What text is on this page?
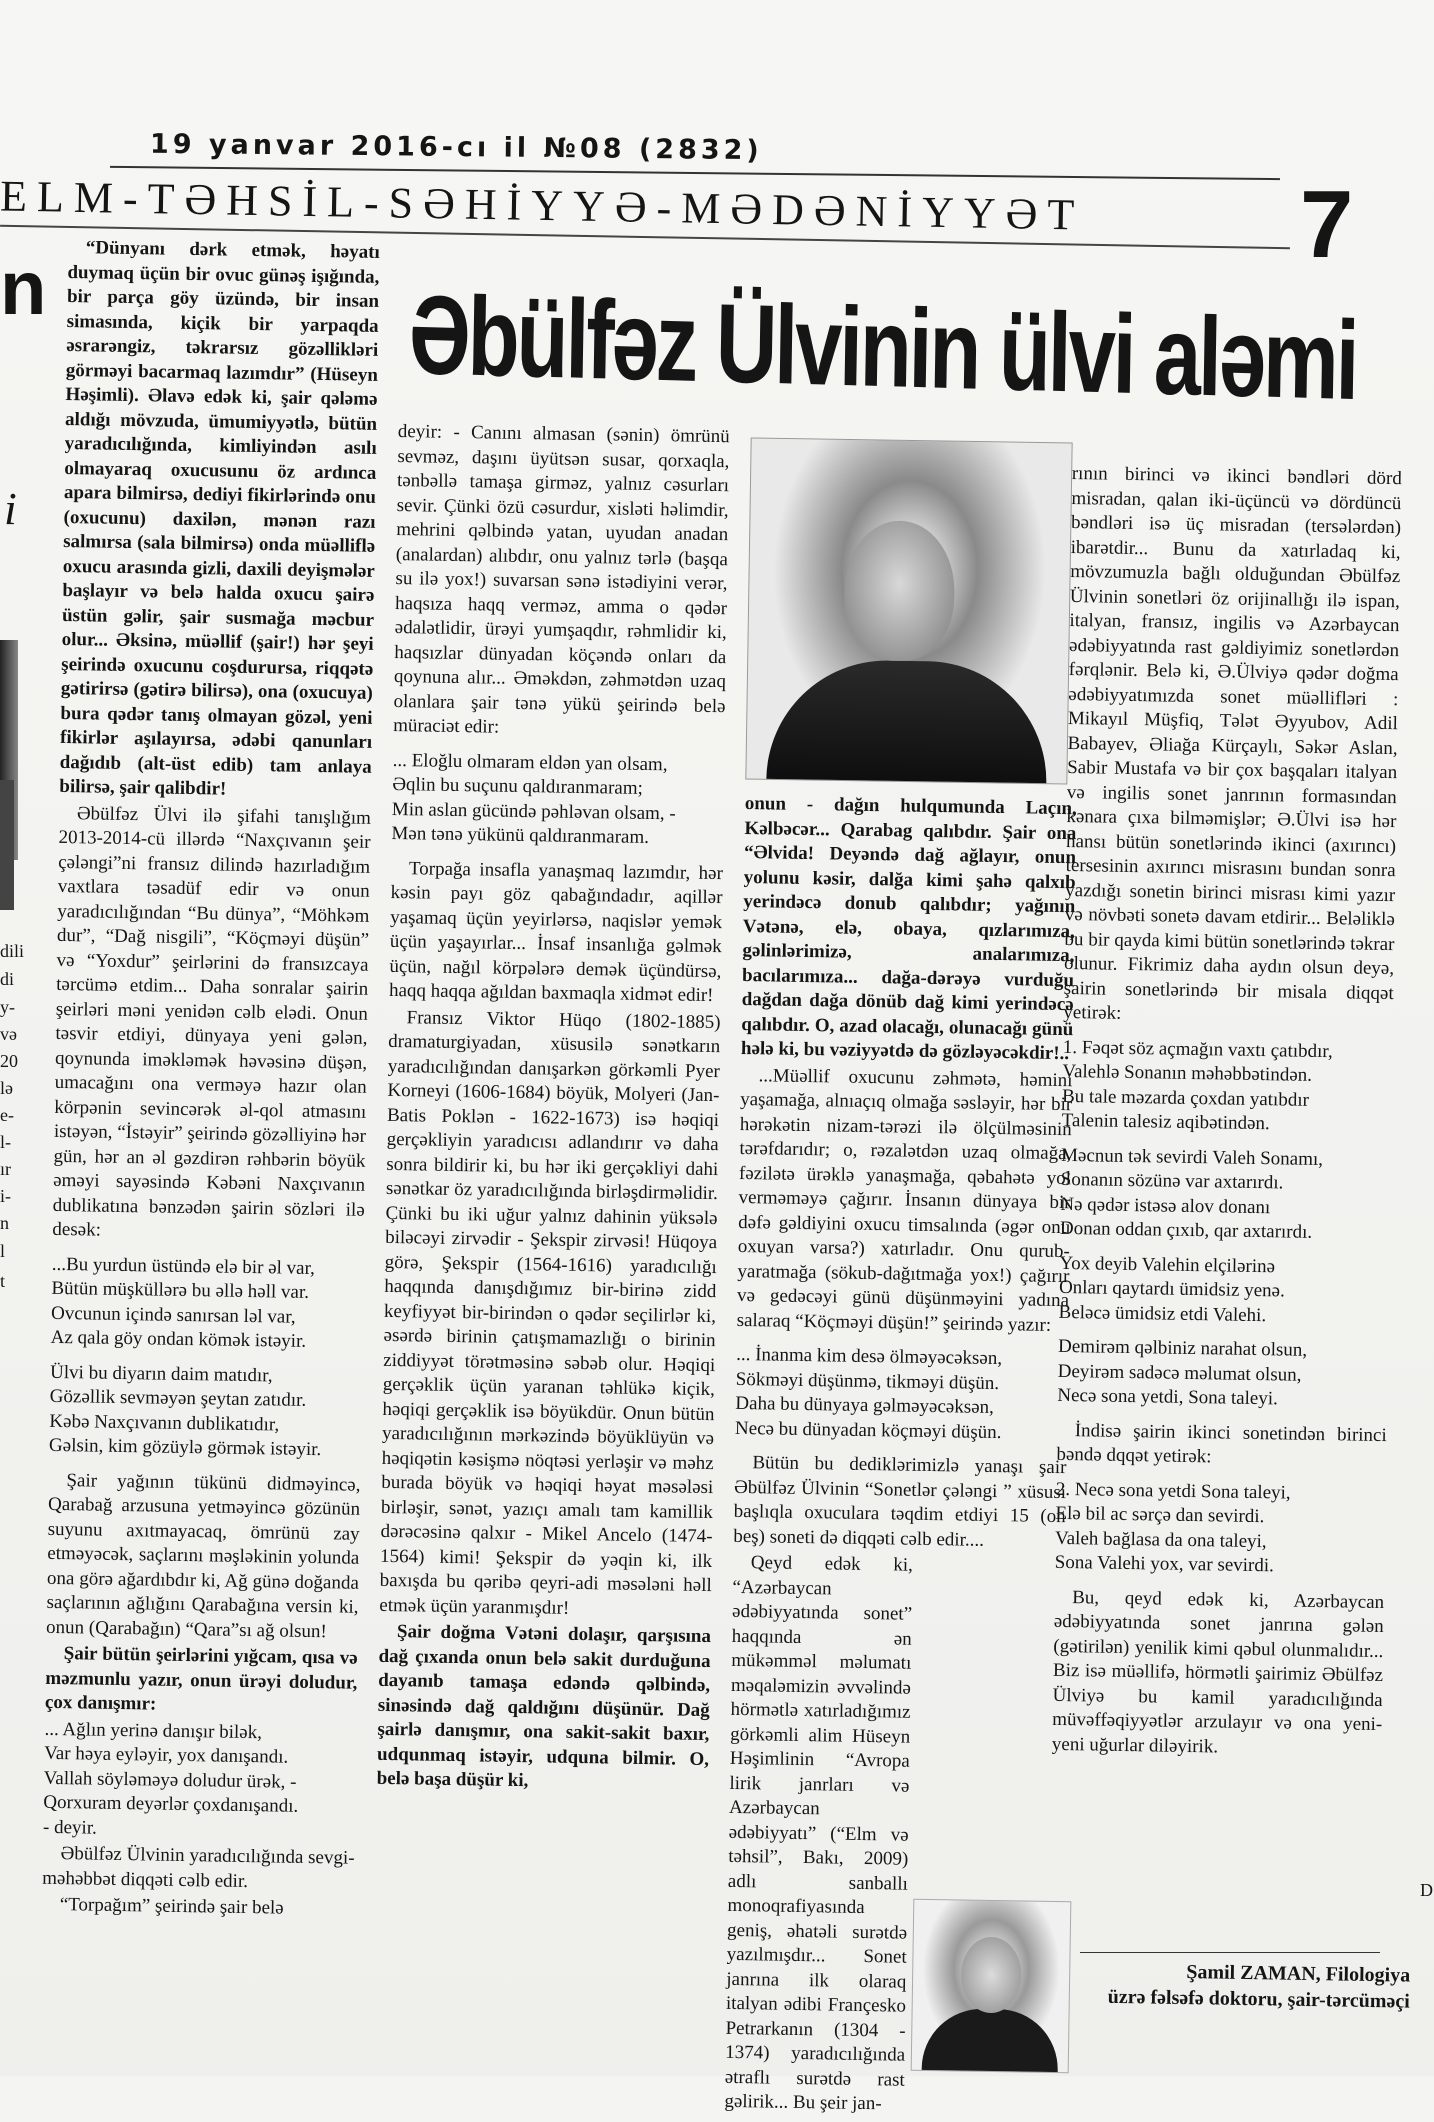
19 yanvar 2016-cı il №08 (2832)
ELM-TƏHSİL-SƏHİYYƏ-MƏDƏNİYYƏT 7
n
i
dili
di
y-
və
20
lə
e-
l-
ır
i-
n
l
t
Əbülfəz Ülvinin ülvi aləmi

“Dünyanı dərk etmək, həyatı duymaq üçün bir ovuc günəş işığında, bir parça göy üzündə, bir insan simasında, kiçik bir yarpaqda əsrarəngiz, təkrarsız gözəllikləri görməyi bacarmaq lazımdır” (Hüseyn Həşimli). Əlavə edək ki, şair qələmə aldığı mövzuda, ümumiyyətlə, bütün yaradıcılığında, kimliyindən asılı olmayaraq oxucusunu öz ardınca apara bilmirsə, dediyi fikirlərində onu (oxucunu) daxilən, mənən razı salmırsa (sala bilmirsə) onda müəlliflə oxucu arasında gizli, daxili deyişmələr başlayır və belə halda oxucu şairə üstün gəlir, şair susmağa məcbur olur... Əksinə, müəllif (şair!) hər şeyi şeirində oxucunu coşdurursa, riqqətə gətirirsə (gətirə bilirsə), ona (oxucuya) bura qədər tanış olmayan gözəl, yeni fikirlər aşılayırsa, ədəbi qanunları dağıdıb (alt-üst edib) tam anlaya bilirsə, şair qalibdir!

Əbülfəz Ülvi ilə şifahi tanışlığım 2013-2014-cü illərdə “Naxçıvanın şeir çələngi”ni fransız dilində hazırladığım vaxtlara təsadüf edir və onun yaradıcılığından “Bu dünya”, “Möhkəm dur”, “Dağ nisgili”, “Köçməyi düşün” və “Yoxdur” şeirlərini də fransızcaya tərcümə etdim... Daha sonralar şairin şeirləri məni yenidən cəlb elədi. Onun təsvir etdiyi, dünyaya yeni gələn, qoynunda iməkləmək həvəsinə düşən, umacağını ona verməyə hazır olan körpənin sevincərək əl-qol atmasını istəyən, “İstəyir” şeirində gözəlliyinə hər gün, hər an əl gəzdirən rəhbərin böyük əməyi sayəsində Kəbəni Naxçıvanın dublikatına bənzədən şairin sözləri ilə desək:

...Bu yurdun üstündə elə bir əl var,
Bütün müşküllərə bu əllə həll var.
Ovcunun içində sanırsan ləl var,
Az qala göy ondan kömək istəyir.
Ülvi bu diyarın daim matıdır,
Gözəllik sevməyən şeytan zatıdır.
Kəbə Naxçıvanın dublikatıdır,
Gəlsin, kim gözüylə görmək istəyir.

Şair yağının tükünü didməyincə, Qarabağ arzusuna yetməyincə gözünün suyunu axıtmayacaq, ömrünü zay etməyəcək, saçlarını məşləkinin yolunda ona görə ağardıbdır ki, Ağ günə doğanda saçlarının ağlığını Qarabağına versin ki, onun (Qarabağın) “Qara”sı ağ olsun!

Şair bütün şeirlərini yığcam, qısa və məzmunlu yazır, onun ürəyi doludur, çox danışmır:

... Ağlın yerinə danışır bilək,
Var həya eyləyir, yox danışandı.
Vallah söyləməyə doludur ürək, -
Qorxuram deyərlər çoxdanışandı.
- deyir.

Əbülfəz Ülvinin yaradıcılığında sevgi-məhəbbət diqqəti cəlb edir.

“Torpağım” şeirində şair belə

deyir: - Canını almasan (sənin) ömrünü sevməz, daşını üyütsən susar, qorxaqla, tənbəllə tamaşa girməz, yalnız cəsurları sevir. Çünki özü cəsurdur, xisləti həlimdir, mehrini qəlbində yatan, uyudan anadan (analardan) alıbdır, onu yalnız tərlə (başqa su ilə yox!) suvarsan sənə istədiyini verər, haqsıza haqq verməz, amma o qədər ədalətlidir, ürəyi yumşaqdır, rəhmlidir ki, haqsızlar dünyadan köçəndə onları da qoynuna alır... Əməkdən, zəhmətdən uzaq olanlara şair tənə yükü şeirində belə müraciət edir:

... Eloğlu olmaram eldən yan olsam,
Əqlin bu suçunu qaldıranmaram;
Min aslan gücündə pəhləvan olsam, -
Mən tənə yükünü qaldıranmaram.

Torpağa insafla yanaşmaq lazımdır, hər kəsin payı göz qabağındadır, aqillər yaşamaq üçün yeyirlərsə, naqislər yemək üçün yaşayırlar... İnsaf insanlığa gəlmək üçün, nağıl körpələrə demək üçündürsə, haqq haqqa ağıldan baxmaqla xidmət edir!

Fransız Viktor Hüqo (1802-1885) dramaturgiyadan, xüsusilə sənətkarın yaradıcılığından danışarkən görkəmli Pyer Korneyi (1606-1684) böyük, Molyeri (Jan-Batis Poklən - 1622-1673) isə həqiqi gerçəkliyin yaradıcısı adlandırır və daha sonra bildirir ki, bu hər iki gerçəkliyi dahi sənətkar öz yaradıcılığında birləşdirməlidir. Çünki bu iki uğur yalnız dahinin yüksələ biləcəyi zirvədir - Şekspir zirvəsi! Hüqoya görə, Şekspir (1564-1616) yaradıcılığı haqqında danışdığımız bir-birinə zidd keyfiyyət bir-birindən o qədər seçilirlər ki, əsərdə birinin çatışmamazlığı o birinin ziddiyyət törətməsinə səbəb olur. Həqiqi gerçəklik üçün yaranan təhlükə kiçik, həqiqi gerçəklik isə böyükdür. Onun bütün yaradıcılığının mərkəzində böyüklüyün və həqiqətin kəsişmə nöqtəsi yerləşir və məhz burada böyük və həqiqi həyat məsələsi birləşir, sənət, yazıçı amalı tam kamillik dərəcəsinə qalxır - Mikel Ancelo (1474-1564) kimi! Şekspir də yəqin ki, ilk baxışda bu qəribə qeyri-adi məsələni həll etmək üçün yaranmışdır!

Şair doğma Vətəni dolaşır, qarşısına dağ çıxanda onun belə sakit durduğuna dayanıb tamaşa edəndə qəlbində, sinəsində dağ qaldığını düşünür. Dağ şairlə danışmır, ona sakit-sakit baxır, udqunmaq istəyir, udquna bilmir. O, belə başa düşür ki,

onun - dağın hulqumunda Laçın, Kəlbəcər... Qarabag qalıbdır. Şair ona “Əlvida! Deyəndə dağ ağlayır, onun yolunu kəsir, dalğa kimi şahə qalxıb yerindəcə donub qalıbdır; yağının Vətənə, elə, obaya, qızlarımıza, gəlinlərimizə, analarımıza, bacılarımıza... dağa-dərəyə vurduğu dağdan dağa dönüb dağ kimi yerindəcə qalıbdır. O, azad olacağı, olunacağı günü hələ ki, bu vəziyyətdə də gözləyəcəkdir!..

...Müəllif oxucunu zəhmətə, həmini yaşamağa, alnıaçıq olmağa səsləyir, hər bir hərəkətin nizam-tərəzi ilə ölçülməsinin tərəfdarıdır; o, rəzalətdən uzaq olmağa, fəzilətə ürəklə yanaşmağa, qəbahətə yol verməməyə çağırır. İnsanın dünyaya bir dəfə gəldiyini oxucu timsalında (əgər onu oxuyan varsa?) xatırladır. Onu qurub-yaratmağa (sökub-dağıtmağa yox!) çağırır və gedəcəyi günü düşünməyini yadına salaraq “Köçməyi düşün!” şeirində yazır:

... İnanma kim desə ölməyəcəksən,
Sökməyi düşünmə, tikməyi düşün.
Daha bu dünyaya gəlməyəcəksən,
Necə bu dünyadan köçməyi düşün.

Bütün bu dediklərimizlə yanaşı şair Əbülfəz Ülvinin “Sonetlər çələngi ” xüsusi başlıqla oxuculara təqdim etdiyi 15 (on beş) soneti də diqqəti cəlb edir....

Qeyd edək ki, “Azərbaycan ədəbiyyatında sonet” haqqında ən mükəmməl məlumatı məqaləmizin əvvəlində hörmətlə xatırladığımız görkəmli alim Hüseyn Həşimlinin “Avropa lirik janrları və Azərbaycan ədəbiyyatı” (“Elm və təhsil”, Bakı, 2009) adlı sanballı monoqrafiyasında geniş, əhatəli surətdə yazılmışdır... Sonet janrına ilk olaraq italyan ədibi Françesko Petrarkanın (1304 - 1374) yaradıcılığında ətraflı surətdə rast gəlirik... Bu şeir jan-

rının birinci və ikinci bəndləri dörd misradan, qalan iki-üçüncü və dördüncü bəndləri isə üç misradan (tersələrdən) ibarətdir... Bunu da xatırladaq ki, mövzumuzla bağlı olduğundan Əbülfəz Ülvinin sonetləri öz orijinallığı ilə ispan, italyan, fransız, ingilis və Azərbaycan ədəbiyyatında rast gəldiyimiz sonetlərdən fərqlənir. Belə ki, Ə.Ülviyə qədər doğma ədəbiyyatımızda sonet müəllifləri : Mikayıl Müşfiq, Tələt Əyyubov, Adil Babayev, Əliağa Kürçaylı, Səkər Aslan, Sabir Mustafa və bir çox başqaları italyan və ingilis sonet janrının formasından kənara çıxa bilməmişlər; Ə.Ülvi isə hər hansı bütün sonetlərində ikinci (axırıncı) tersesinin axırıncı misrasını bundan sonra yazdığı sonetin birinci misrası kimi yazır və növbəti sonetə davam etdirir... Beləliklə bu bir qayda kimi bütün sonetlərində təkrar olunur. Fikrimiz daha aydın olsun deyə, şairin sonetlərində bir misala diqqət yetirək:

1. Fəqət söz açmağın vaxtı çatıbdır,
Valehlə Sonanın məhəbbətindən.
Bu tale məzarda çoxdan yatıbdır
Talenin talesiz aqibətindən.
Məcnun tək sevirdi Valeh Sonamı,
Sonanın sözünə var axtarırdı.
Nə qədər istəsə alov donanı
Donan oddan çıxıb, qar axtarırdı.
Yox deyib Valehin elçilərinə
Onları qaytardı ümidsiz yenə.
Beləcə ümidsiz etdi Valehi.
Demirəm qəlbiniz narahat olsun,
Deyirəm sadəcə məlumat olsun,
Necə sona yetdi, Sona taleyi.

İndisə şairin ikinci sonetindən birinci bəndə dqqət yetirək:

2. Necə sona yetdi Sona taleyi,
Elə bil ac sərçə dan sevirdi.
Valeh bağlasa da ona taleyi,
Sona Valehi yox, var sevirdi.

Bu, qeyd edək ki, Azərbaycan ədəbiyyatında sonet janrına gələn (gətirilən) yenilik kimi qəbul olunmalıdır... Biz isə müəllifə, hörmətli şairimiz Əbülfəz Ülviyə bu kamil yaradıcılığında müvəffəqiyyətlər arzulayır və ona yeni-yeni uğurlar diləyirik.

Şamil ZAMAN, Filologiya
üzrə fəlsəfə doktoru, şair-tərcüməçi
D
